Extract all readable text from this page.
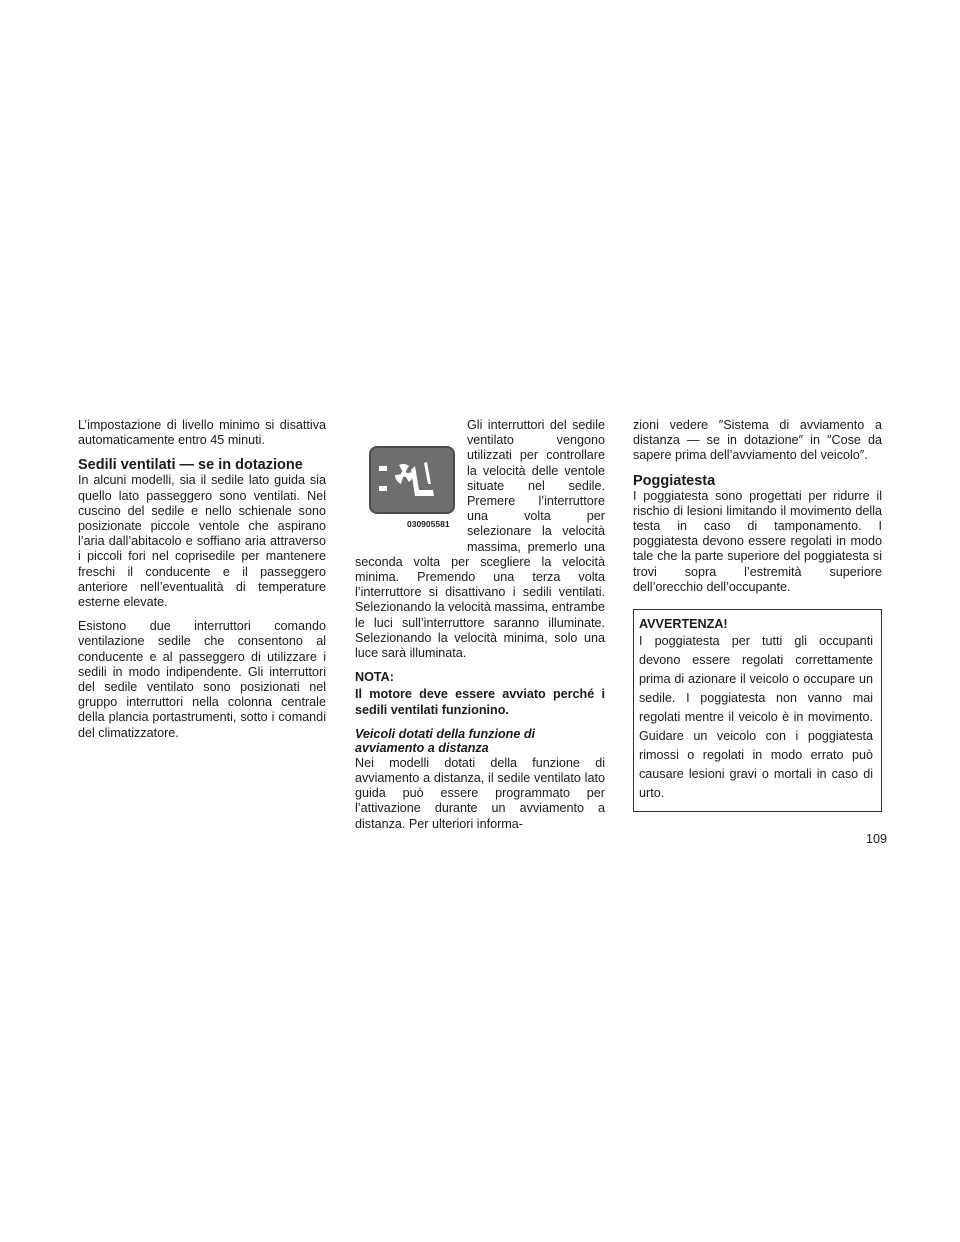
L’impostazione di livello minimo si disattiva automaticamente entro 45 minuti.

Sedili ventilati — se in dotazione

In alcuni modelli, sia il sedile lato guida sia quello lato passeggero sono ventilati. Nel cuscino del sedile e nello schienale sono posizionate piccole ventole che aspirano l’aria dall’abitacolo e soffiano aria attraverso i piccoli fori nel coprisedile per mantenere freschi il conducente e il passeggero anteriore nell’eventualità di temperature esterne elevate.

Esistono due interruttori comando ventilazione sedile che consentono al conducente e al passeggero di utilizzare i sedili in modo indipendente. Gli interruttori del sedile ventilato sono posizionati nel gruppo interruttori nella colonna centrale della plancia portastrumenti, sotto i comandi del climatizzatore.

030905581

Gli interruttori del sedile ventilato vengono utilizzati per controllare la velocità delle ventole situate nel sedile. Premere l’interruttore una volta per selezionare la velocità massima, premerlo una seconda volta per scegliere la velocità minima. Premendo una terza volta l’interruttore si disattivano i sedili ventilati. Selezionando la velocità massima, entrambe le luci sull’interruttore saranno illuminate. Selezionando la velocità minima, solo una luce sarà illuminata.

NOTA:

Il motore deve essere avviato perché i sedili ventilati funzionino.

Veicoli dotati della funzione di avviamento a distanza

Nei modelli dotati della funzione di avviamento a distanza, il sedile ventilato lato guida può essere programmato per l’attivazione durante un avviamento a distanza. Per ulteriori informa-

zioni vedere ″Sistema di avviamento a distanza — se in dotazione″ in ″Cose da sapere prima dell’avviamento del veicolo″.

Poggiatesta

I poggiatesta sono progettati per ridurre il rischio di lesioni limitando il movimento della testa in caso di tamponamento. I poggiatesta devono essere regolati in modo tale che la parte superiore del poggiatesta si trovi sopra l’estremità superiore dell’orecchio dell’occupante.

AVVERTENZA!
I poggiatesta per tutti gli occupanti devono essere regolati correttamente prima di azionare il veicolo o occupare un sedile. I poggiatesta non vanno mai regolati mentre il veicolo è in movimento. Guidare un veicolo con i poggiatesta rimossi o regolati in modo errato può causare lesioni gravi o mortali in caso di urto.
109
